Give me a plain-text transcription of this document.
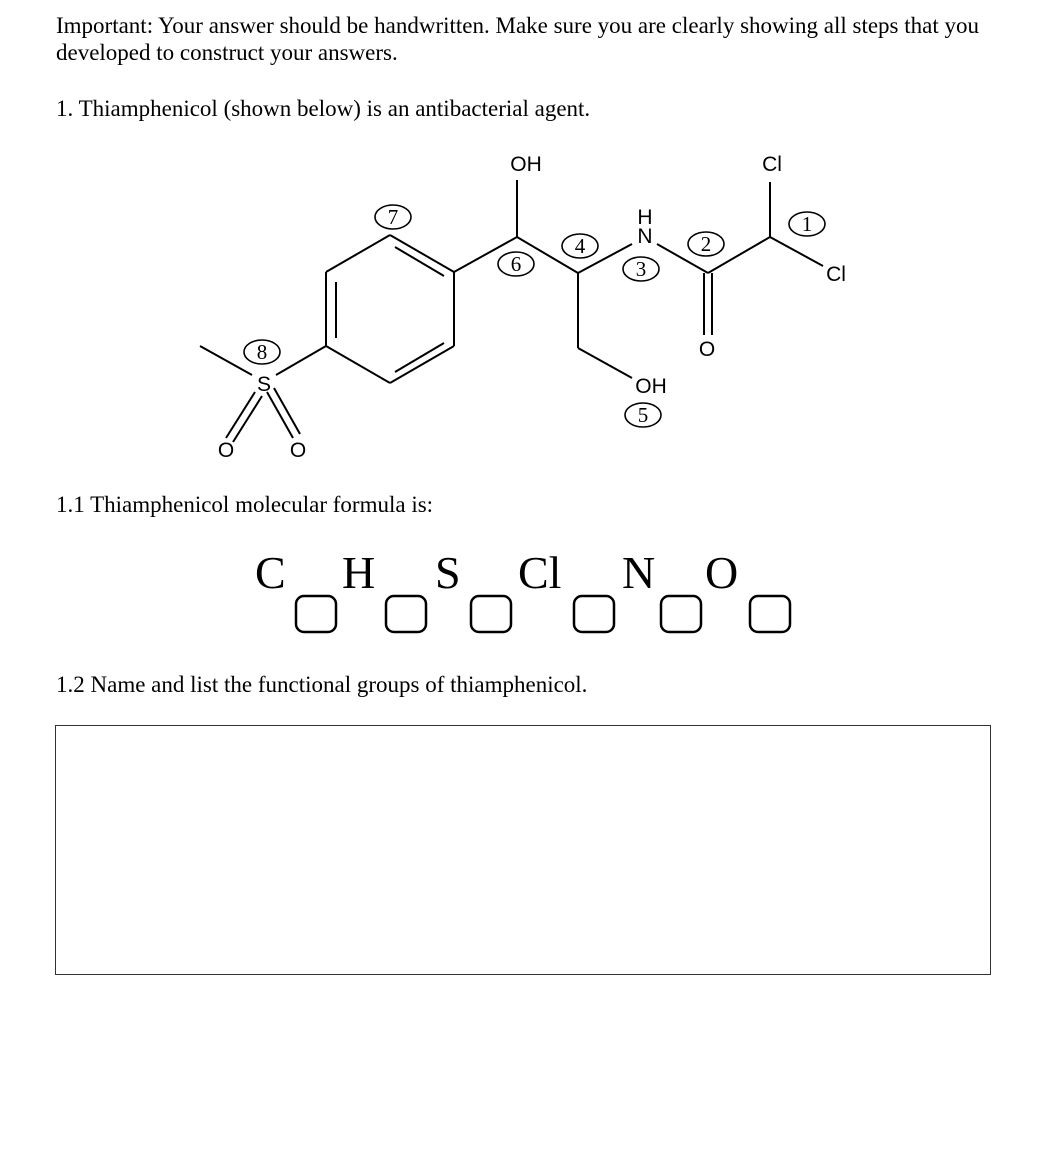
Important: Your answer should be handwritten. Make sure you are clearly showing all steps that you developed to construct your answers.
1. Thiamphenicol (shown below) is an antibacterial agent.
OH	Cl
Cl
H
N
O
OH
S
O	O
1
2
3
4
5
6
7
8
1.1 Thiamphenicol molecular formula is:
C H S Cl N O
1.2 Name and list the functional groups of thiamphenicol.
